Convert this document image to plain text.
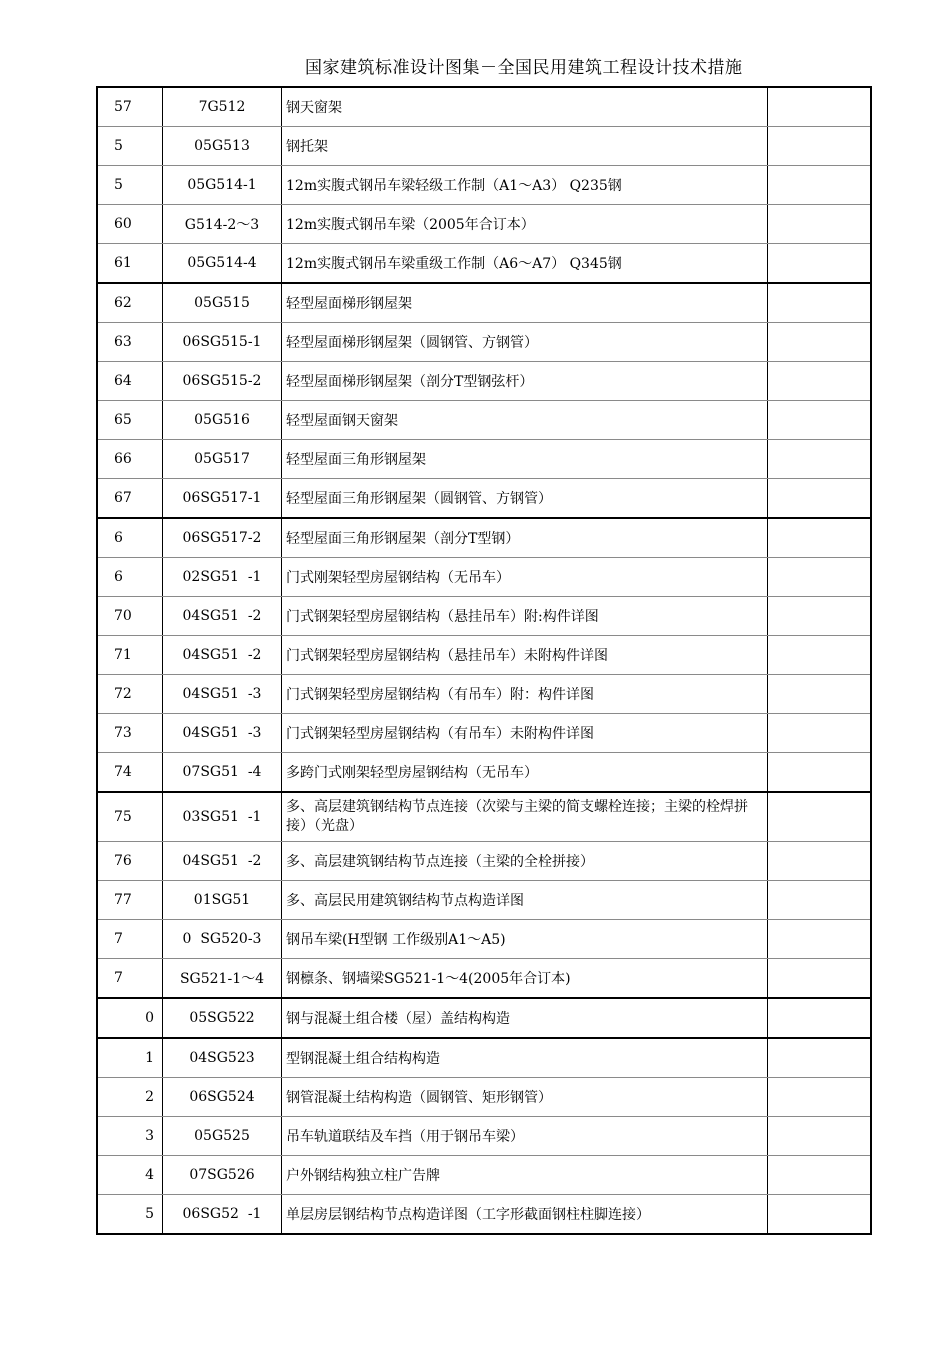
国家建筑标准设计图集－全国民用建筑工程设计技术措施
57	7G512	钢天窗架	
5	05G513	钢托架	
5	05G514-1	12m实腹式钢吊车梁轻级工作制（A1～A3） Q235钢	
60	G514-2～3	12m实腹式钢吊车梁（2005年合订本）	
61	05G514-4	12m实腹式钢吊车梁重级工作制（A6～A7） Q345钢	
62	05G515	轻型屋面梯形钢屋架	
63	06SG515-1	轻型屋面梯形钢屋架（圆钢管、方钢管）	
64	06SG515-2	轻型屋面梯形钢屋架（剖分T型钢弦杆）	
65	05G516	轻型屋面钢天窗架	
66	05G517	轻型屋面三角形钢屋架	
67	06SG517-1	轻型屋面三角形钢屋架（圆钢管、方钢管）	
6	06SG517-2	轻型屋面三角形钢屋架（剖分T型钢）	
6	02SG51  -1	门式刚架轻型房屋钢结构（无吊车）	
70	04SG51  -2	门式钢架轻型房屋钢结构（悬挂吊车）附:构件详图	
71	04SG51  -2	门式钢架轻型房屋钢结构（悬挂吊车）未附构件详图	
72	04SG51  -3	门式钢架轻型房屋钢结构（有吊车）附：构件详图	
73	04SG51  -3	门式钢架轻型房屋钢结构（有吊车）未附构件详图	
74	07SG51  -4	多跨门式刚架轻型房屋钢结构（无吊车）	
75	03SG51  -1	多、高层建筑钢结构节点连接（次梁与主梁的简支螺栓连接；主梁的栓焊拼接）（光盘）	
76	04SG51  -2	多、高层建筑钢结构节点连接（主梁的全栓拼接）	
77	01SG51	多、高层民用建筑钢结构节点构造详图	
7	0  SG520-3	钢吊车梁(H型钢 工作级别A1～A5)	
7	SG521-1～4	钢檩条、钢墙梁SG521-1～4(2005年合订本)	
0	05SG522	钢与混凝土组合楼（屋）盖结构构造	
1	04SG523	型钢混凝土组合结构构造	
2	06SG524	钢管混凝土结构构造（圆钢管、矩形钢管）	
3	05G525	吊车轨道联结及车挡（用于钢吊车梁）	
4	07SG526	户外钢结构独立柱广告牌	
5	06SG52  -1	单层房层钢结构节点构造详图（工字形截面钢柱柱脚连接）	
